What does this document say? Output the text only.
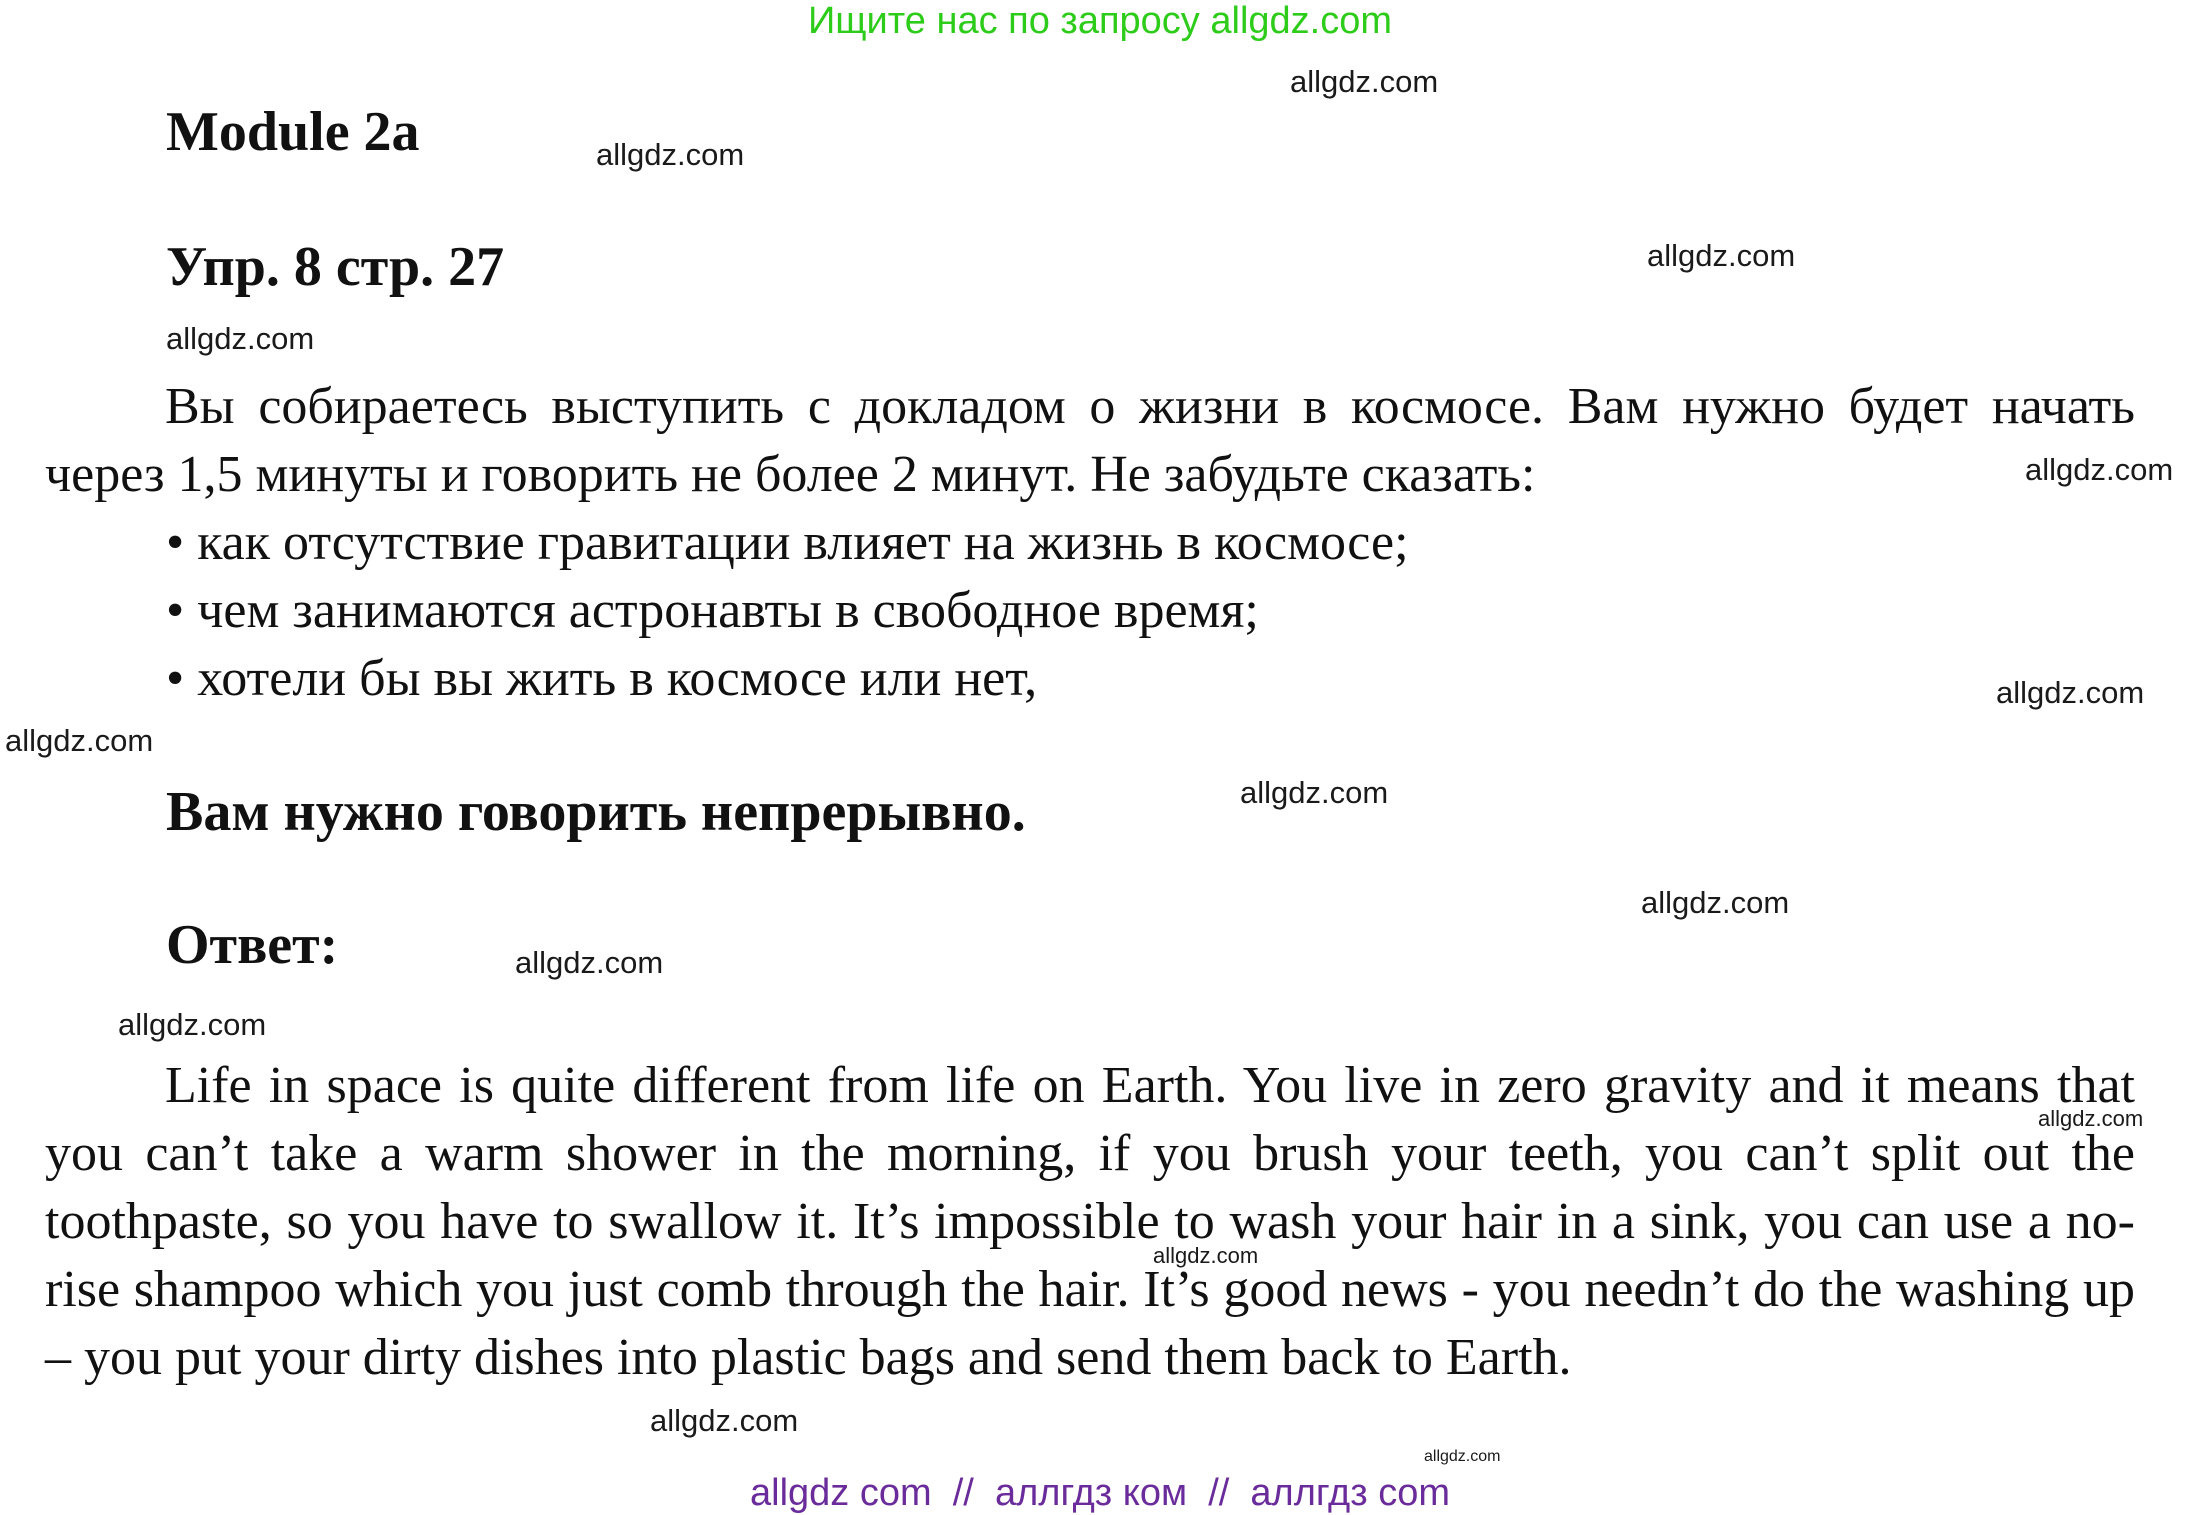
Ищите нас по запросу allgdz.com
Module 2a
Упр. 8 стр. 27
Вы собираетесь выступить с докладом о жизни в космосе. Вам нужно будет начать через 1,5 минуты и говорить не более 2 минут. Не забудьте сказать:
• как отсутствие гравитации влияет на жизнь в космосе;
• чем занимаются астронавты в свободное время;
• хотели бы вы жить в космосе или нет,
Вам нужно говорить непрерывно.
Ответ:
Life in space is quite different from life on Earth. You live in zero gravity and it means that you can’t take a warm shower in the morning, if you brush your teeth, you can’t split out the toothpaste, so you have to swallow it. It’s impossible to wash your hair in a sink, you can use a no-rise shampoo which you just comb through the hair. It’s good news - you needn’t do the washing up – you put your dirty dishes into plastic bags and send them back to Earth.
allgdz.com
allgdz.com
allgdz.com
allgdz.com
allgdz.com
allgdz.com
allgdz.com
allgdz.com
allgdz.com
allgdz.com
allgdz.com
allgdz.com
allgdz.com
allgdz.com
allgdz.com
allgdz com  //  аллгдз ком  //  аллгдз com
